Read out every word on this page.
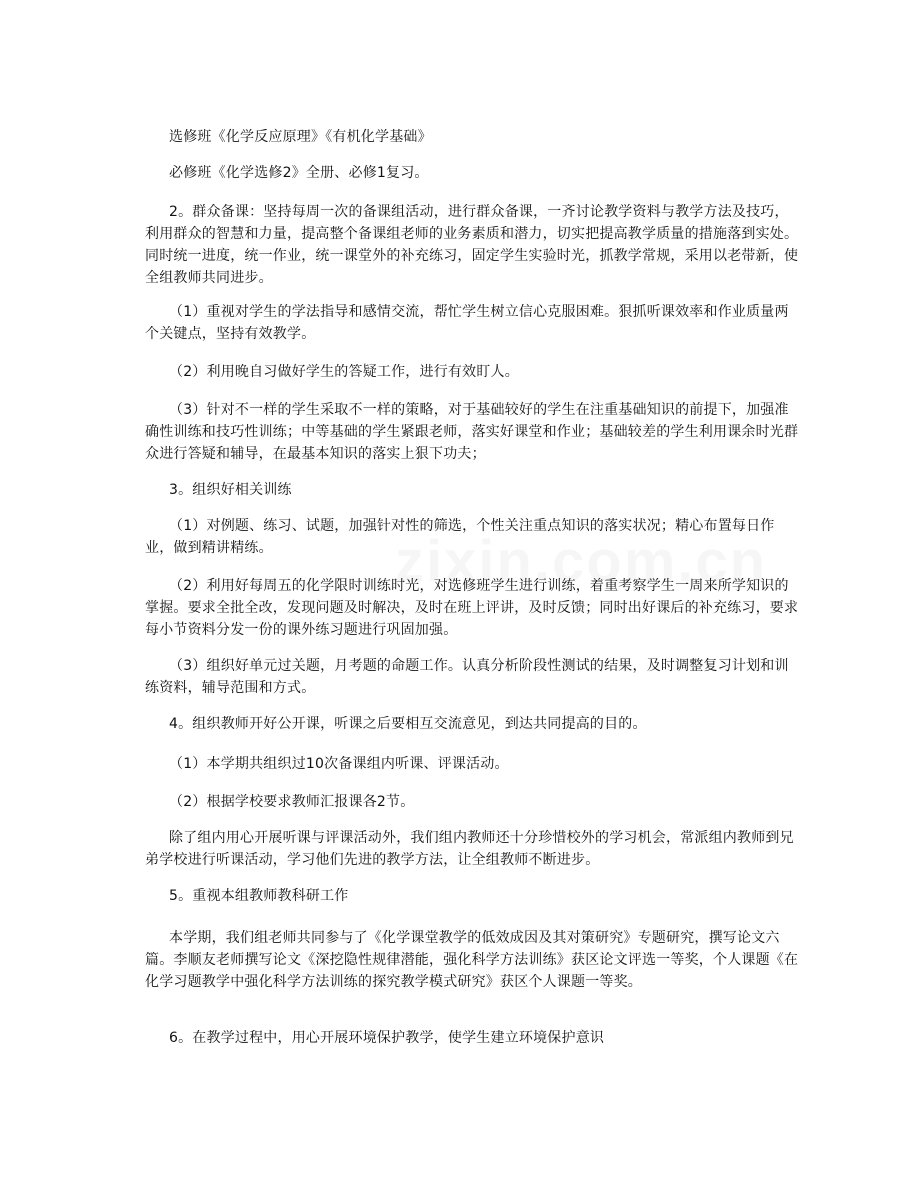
选修班《化学反应原理》《有机化学基础》

必修班《化学选修2》全册、必修1复习。

2。群众备课：坚持每周一次的备课组活动，进行群众备课，一齐讨论教学资料与教学方法及技巧，利用群众的智慧和力量，提高整个备课组老师的业务素质和潜力，切实把提高教学质量的措施落到实处。同时统一进度，统一作业，统一课堂外的补充练习，固定学生实验时光，抓教学常规，采用以老带新，使全组教师共同进步。

（1）重视对学生的学法指导和感情交流，帮忙学生树立信心克服困难。狠抓听课效率和作业质量两个关键点，坚持有效教学。

（2）利用晚自习做好学生的答疑工作，进行有效盯人。

（3）针对不一样的学生采取不一样的策略，对于基础较好的学生在注重基础知识的前提下，加强准确性训练和技巧性训练；中等基础的学生紧跟老师，落实好课堂和作业；基础较差的学生利用课余时光群众进行答疑和辅导，在最基本知识的落实上狠下功夫；

3。组织好相关训练

（1）对例题、练习、试题，加强针对性的筛选，个性关注重点知识的落实状况；精心布置每日作业，做到精讲精练。

（2）利用好每周五的化学限时训练时光，对选修班学生进行训练，着重考察学生一周来所学知识的掌握。要求全批全改，发现问题及时解决，及时在班上评讲，及时反馈；同时出好课后的补充练习，要求每小节资料分发一份的课外练习题进行巩固加强。

（3）组织好单元过关题，月考题的命题工作。认真分析阶段性测试的结果，及时调整复习计划和训练资料，辅导范围和方式。

4。组织教师开好公开课，听课之后要相互交流意见，到达共同提高的目的。

（1）本学期共组织过10次备课组内听课、评课活动。

（2）根据学校要求教师汇报课各2节。

除了组内用心开展听课与评课活动外，我们组内教师还十分珍惜校外的学习机会，常派组内教师到兄弟学校进行听课活动，学习他们先进的教学方法，让全组教师不断进步。

5。重视本组教师教科研工作

本学期，我们组老师共同参与了《化学课堂教学的低效成因及其对策研究》专题研究，撰写论文六篇。李顺友老师撰写论文《深挖隐性规律潜能，强化科学方法训练》获区论文评选一等奖，个人课题《在化学习题教学中强化科学方法训练的探究教学模式研究》获区个人课题一等奖。

6。在教学过程中，用心开展环境保护教学，使学生建立环境保护意识
